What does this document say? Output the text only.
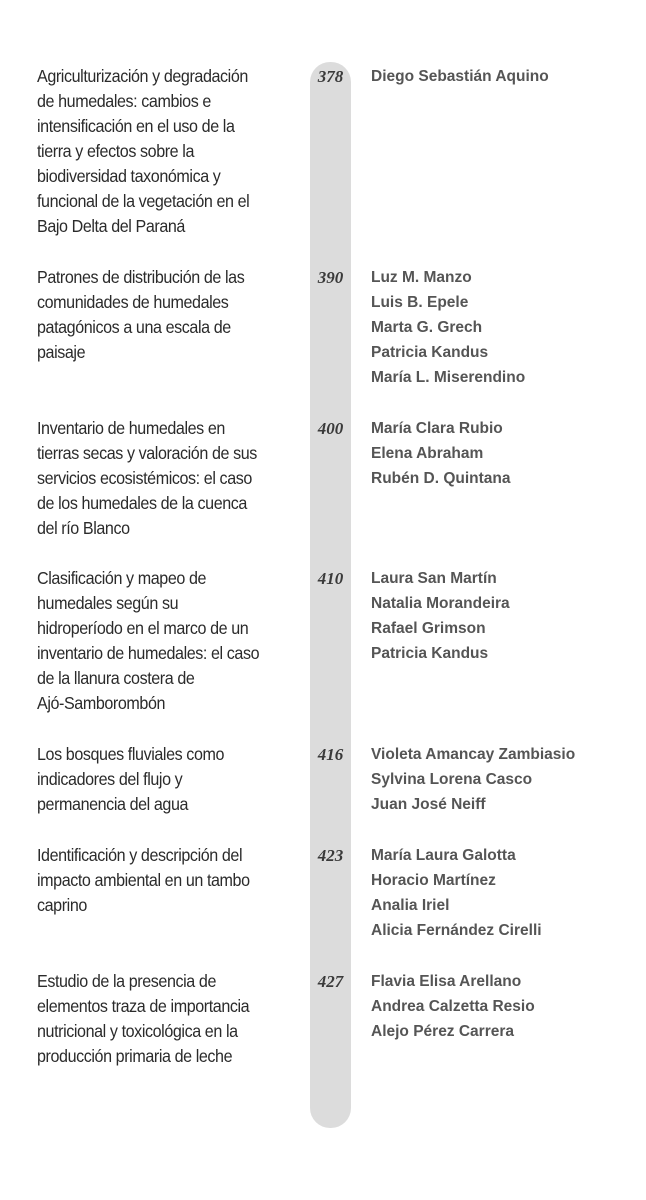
Agriculturización y degradación
de humedales: cambios e
intensificación en el uso de la
tierra y efectos sobre la
biodiversidad taxonómica y
funcional de la vegetación en el
Bajo Delta del Paraná
378	Diego Sebastián Aquino
Patrones de distribución de las
comunidades de humedales
patagónicos a una escala de
paisaje
390	Luz M. Manzo
Luis B. Epele
Marta G. Grech
Patricia Kandus
María L. Miserendino
Inventario de humedales en
tierras secas y valoración de sus
servicios ecosistémicos: el caso
de los humedales de la cuenca
del río Blanco
400	María Clara Rubio
Elena Abraham
Rubén D. Quintana
Clasificación y mapeo de
humedales según su
hidroperíodo en el marco de un
inventario de humedales: el caso
de la llanura costera de
Ajó-Samborombón
410	Laura San Martín
Natalia Morandeira
Rafael Grimson
Patricia Kandus
Los bosques fluviales como
indicadores del flujo y
permanencia del agua
416	Violeta Amancay Zambiasio
Sylvina Lorena Casco
Juan José Neiff
Identificación y descripción del
impacto ambiental en un tambo
caprino
423	María Laura Galotta
Horacio Martínez
Analia Iriel
Alicia Fernández Cirelli
Estudio de la presencia de
elementos traza de importancia
nutricional y toxicológica en la
producción primaria de leche
427	Flavia Elisa Arellano
Andrea Calzetta Resio
Alejo Pérez Carrera
